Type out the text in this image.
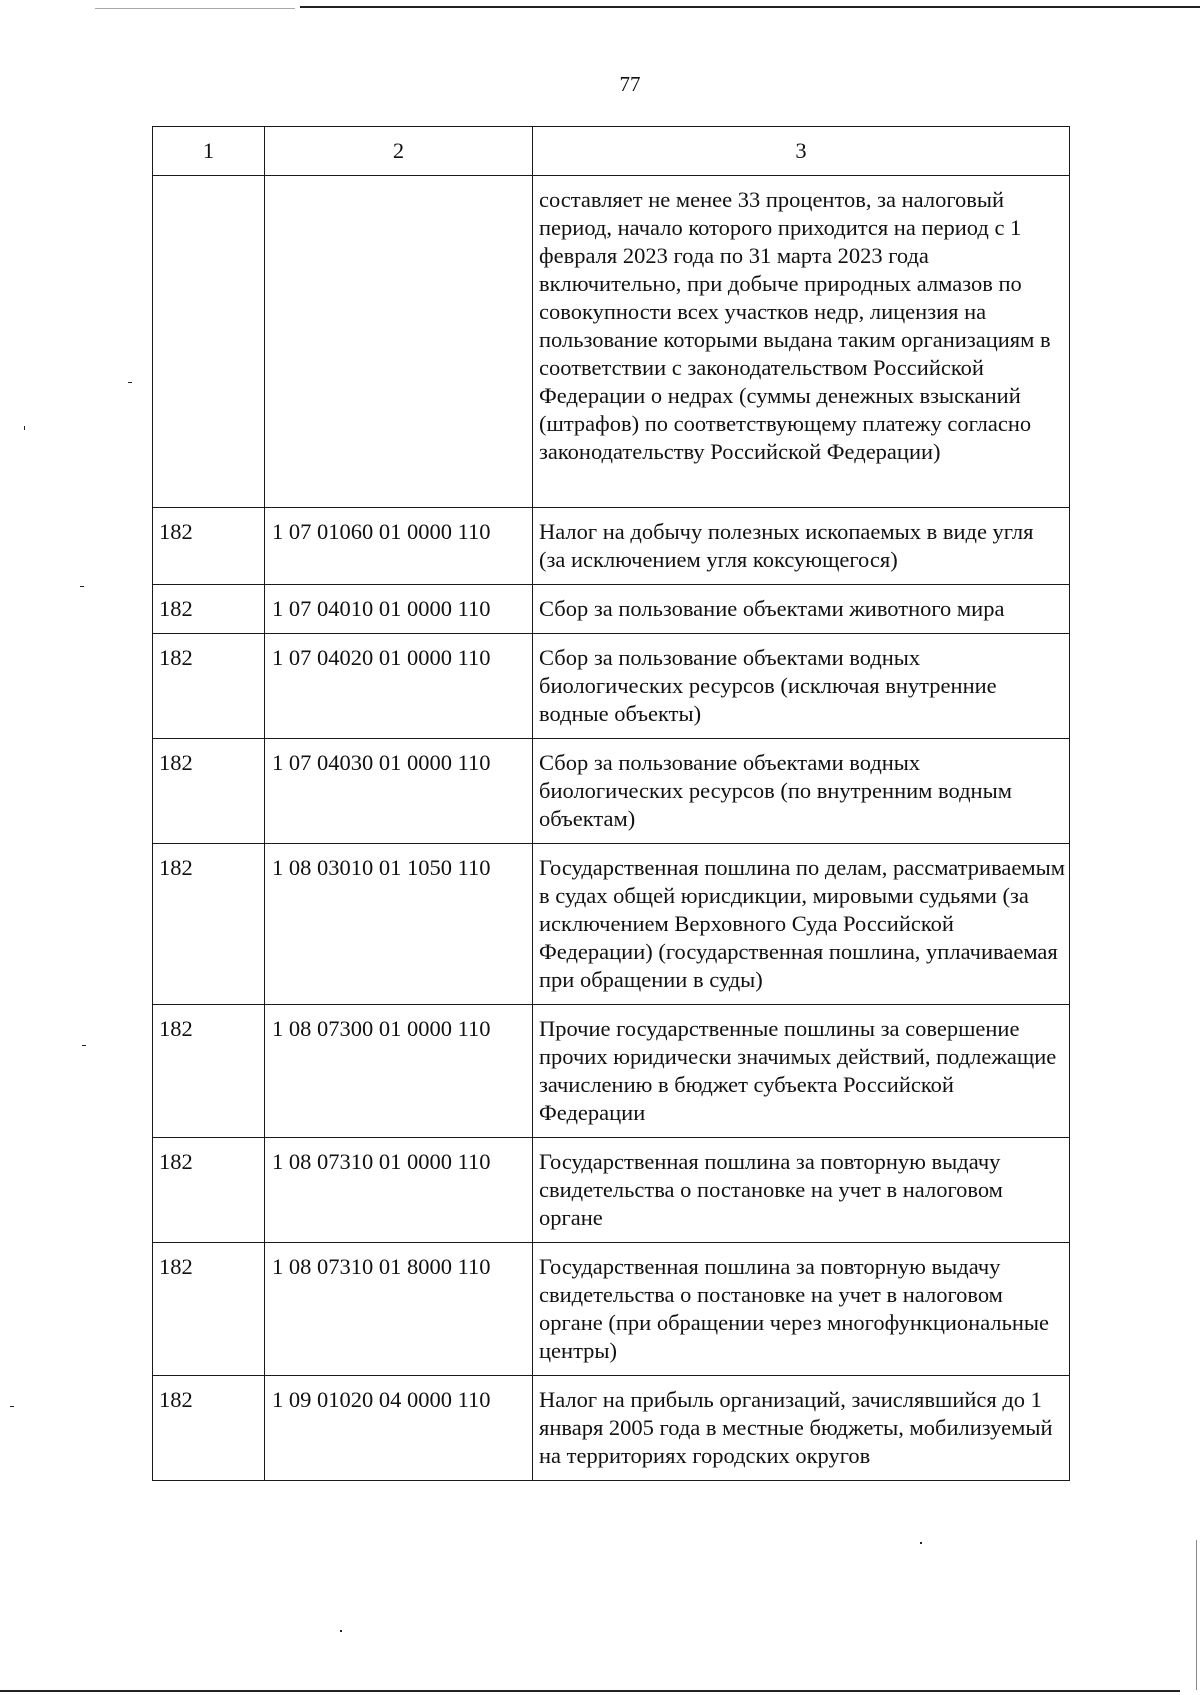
77
1	2	3
		составляет не менее 33 процентов, за налоговый период, начало которого приходится на период с 1 февраля 2023 года по 31 марта 2023 года включительно, при добыче природных алмазов по совокупности всех участков недр, лицензия на пользование которыми выдана таким организациям в соответствии с законодательством Российской Федерации о недрах (суммы денежных взысканий (штрафов) по соответствующему платежу согласно законодательству Российской Федерации)
182	1 07 01060 01 0000 110	Налог на добычу полезных ископаемых в виде угля (за исключением угля коксующегося)
182	1 07 04010 01 0000 110	Сбор за пользование объектами животного мира
182	1 07 04020 01 0000 110	Сбор за пользование объектами водных биологических ресурсов (исключая внутренние водные объекты)
182	1 07 04030 01 0000 110	Сбор за пользование объектами водных биологических ресурсов (по внутренним водным объектам)
182	1 08 03010 01 1050 110	Государственная пошлина по делам, рассматриваемым в судах общей юрисдикции, мировыми судьями (за исключением Верховного Суда Российской Федерации) (государственная пошлина, уплачиваемая при обращении в суды)
182	1 08 07300 01 0000 110	Прочие государственные пошлины за совершение прочих юридически значимых действий, подлежащие зачислению в бюджет субъекта Российской Федерации
182	1 08 07310 01 0000 110	Государственная пошлина за повторную выдачу свидетельства о постановке на учет в налоговом органе
182	1 08 07310 01 8000 110	Государственная пошлина за повторную выдачу свидетельства о постановке на учет в налоговом органе (при обращении через многофункциональные центры)
182	1 09 01020 04 0000 110	Налог на прибыль организаций, зачислявшийся до 1 января 2005 года в местные бюджеты, мобилизуемый на территориях городских округов
